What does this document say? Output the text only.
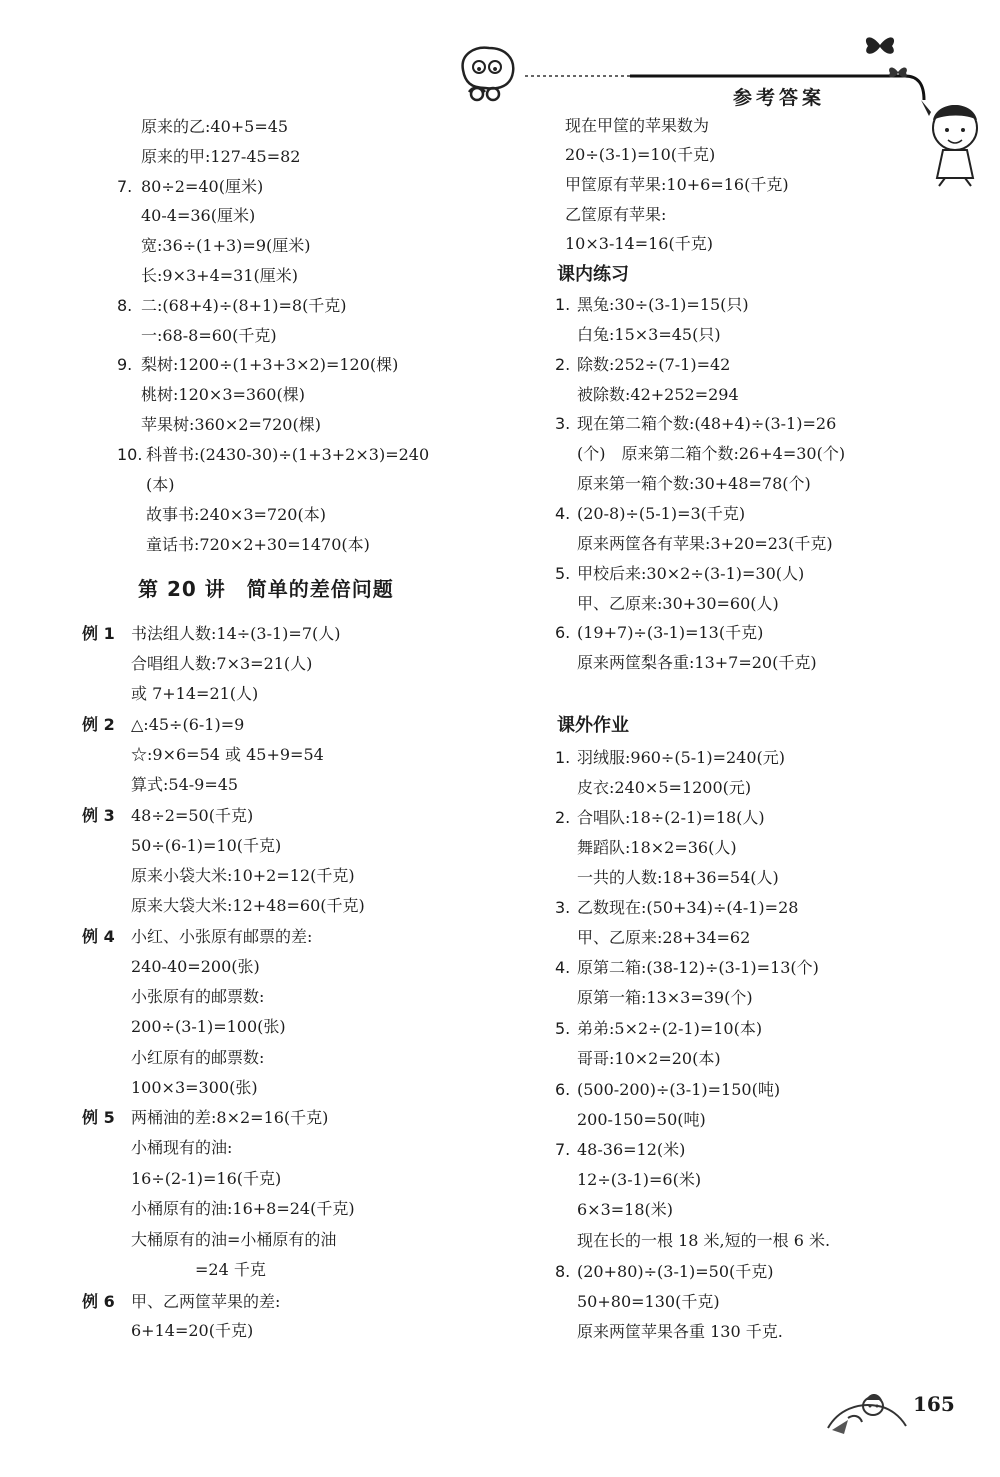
参考答案
原来的乙:40+5=45
原来的甲:127-45=82
7. 80÷2=40(厘米)
40-4=36(厘米)
宽:36÷(1+3)=9(厘米)
长:9×3+4=31(厘米)
8. 二:(68+4)÷(8+1)=8(千克)
一:68-8=60(千克)
9. 梨树:1200÷(1+3+3×2)=120(棵)
桃树:120×3=360(棵)
苹果树:360×2=720(棵)
10. 科普书:(2430-30)÷(1+3+2×3)=240
(本)
故事书:240×3=720(本)
童话书:720×2+30=1470(本)
第 20 讲　简单的差倍问题
例 1 书法组人数:14÷(3-1)=7(人)
合唱组人数:7×3=21(人)
或 7+14=21(人)
例 2 △:45÷(6-1)=9
☆:9×6=54 或 45+9=54
算式:54-9=45
例 3 48÷2=50(千克)
50÷(6-1)=10(千克)
原来小袋大米:10+2=12(千克)
原来大袋大米:12+48=60(千克)
例 4 小红、小张原有邮票的差:
240-40=200(张)
小张原有的邮票数:
200÷(3-1)=100(张)
小红原有的邮票数:
100×3=300(张)
例 5 两桶油的差:8×2=16(千克)
小桶现有的油:
16÷(2-1)=16(千克)
小桶原有的油:16+8=24(千克)
大桶原有的油=小桶原有的油
　　　　=24 千克
例 6 甲、乙两筐苹果的差:
6+14=20(千克)
现在甲筐的苹果数为
20÷(3-1)=10(千克)
甲筐原有苹果:10+6=16(千克)
乙筐原有苹果:
10×3-14=16(千克)
课内练习
1. 黑兔:30÷(3-1)=15(只)
白兔:15×3=45(只)
2. 除数:252÷(7-1)=42
被除数:42+252=294
3. 现在第二箱个数:(48+4)÷(3-1)=26
(个)　原来第二箱个数:26+4=30(个)
原来第一箱个数:30+48=78(个)
4. (20-8)÷(5-1)=3(千克)
原来两筐各有苹果:3+20=23(千克)
5. 甲校后来:30×2÷(3-1)=30(人)
甲、乙原来:30+30=60(人)
6. (19+7)÷(3-1)=13(千克)
原来两筐梨各重:13+7=20(千克)
课外作业
1. 羽绒服:960÷(5-1)=240(元)
皮衣:240×5=1200(元)
2. 合唱队:18÷(2-1)=18(人)
舞蹈队:18×2=36(人)
一共的人数:18+36=54(人)
3. 乙数现在:(50+34)÷(4-1)=28
甲、乙原来:28+34=62
4. 原第二箱:(38-12)÷(3-1)=13(个)
原第一箱:13×3=39(个)
5. 弟弟:5×2÷(2-1)=10(本)
哥哥:10×2=20(本)
6. (500-200)÷(3-1)=150(吨)
200-150=50(吨)
7. 48-36=12(米)
12÷(3-1)=6(米)
6×3=18(米)
现在长的一根 18 米,短的一根 6 米.
8. (20+80)÷(3-1)=50(千克)
50+80=130(千克)
原来两筐苹果各重 130 千克.
165
